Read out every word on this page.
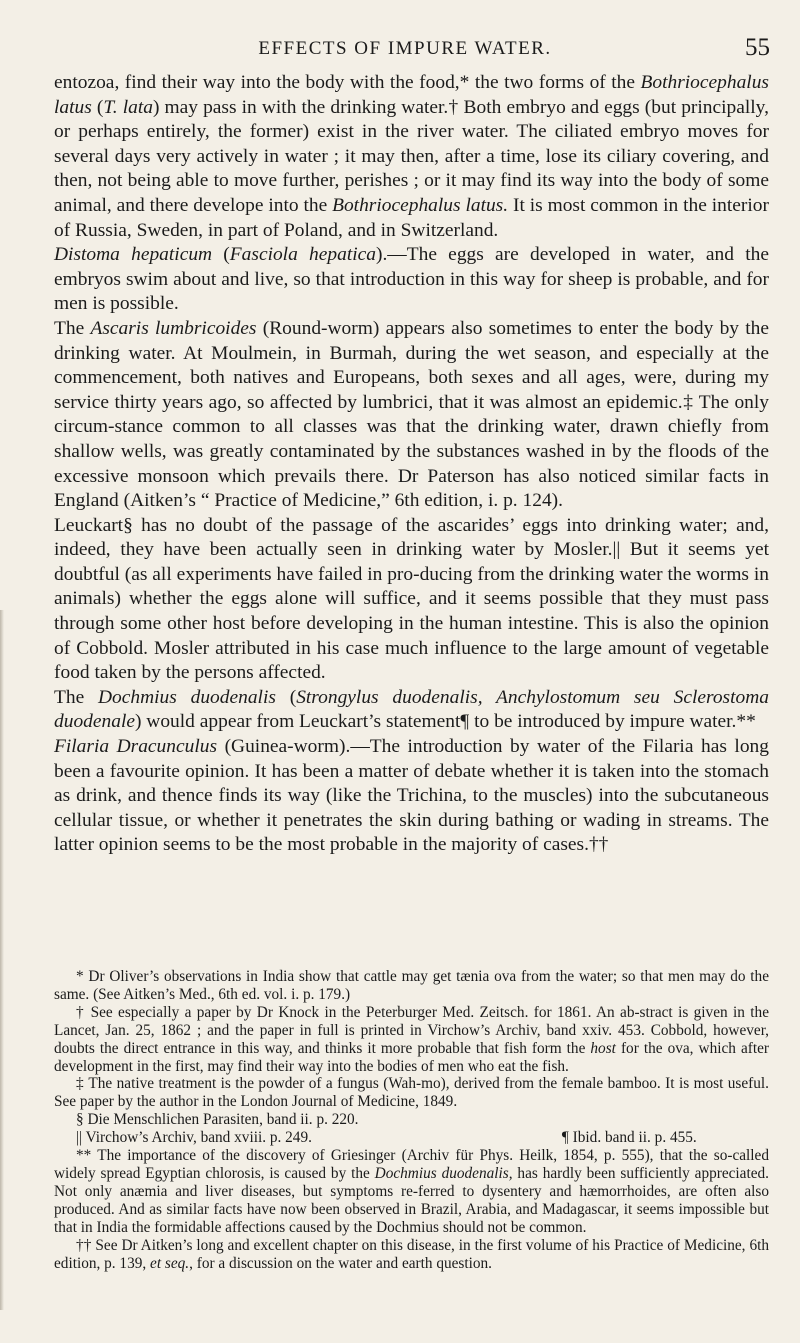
EFFECTS OF IMPURE WATER.	55

entozoa, find their way into the body with the food,* the two forms of the Bothriocephalus latus (T. lata) may pass in with the drinking water.† Both embryo and eggs (but principally, or perhaps entirely, the former) exist in the river water. The ciliated embryo moves for several days very actively in water ; it may then, after a time, lose its ciliary covering, and then, not being able to move further, perishes ; or it may find its way into the body of some animal, and there develope into the Bothriocephalus latus. It is most common in the interior of Russia, Sweden, in part of Poland, and in Switzerland.

Distoma hepaticum (Fasciola hepatica).—The eggs are developed in water, and the embryos swim about and live, so that introduction in this way for sheep is probable, and for men is possible.

The Ascaris lumbricoides (Round-worm) appears also sometimes to enter the body by the drinking water. At Moulmein, in Burmah, during the wet season, and especially at the commencement, both natives and Europeans, both sexes and all ages, were, during my service thirty years ago, so affected by lumbrici, that it was almost an epidemic.‡ The only circum-stance common to all classes was that the drinking water, drawn chiefly from shallow wells, was greatly contaminated by the substances washed in by the floods of the excessive monsoon which prevails there. Dr Paterson has also noticed similar facts in England (Aitken’s “ Practice of Medicine,” 6th edition, i. p. 124).

Leuckart§ has no doubt of the passage of the ascarides’ eggs into drinking water; and, indeed, they have been actually seen in drinking water by Mosler.|| But it seems yet doubtful (as all experiments have failed in pro-ducing from the drinking water the worms in animals) whether the eggs alone will suffice, and it seems possible that they must pass through some other host before developing in the human intestine. This is also the opinion of Cobbold. Mosler attributed in his case much influence to the large amount of vegetable food taken by the persons affected.

The Dochmius duodenalis (Strongylus duodenalis, Anchylostomum seu Sclerostoma duodenale) would appear from Leuckart’s statement¶ to be introduced by impure water.**

Filaria Dracunculus (Guinea-worm).—The introduction by water of the Filaria has long been a favourite opinion. It has been a matter of debate whether it is taken into the stomach as drink, and thence finds its way (like the Trichina, to the muscles) into the subcutaneous cellular tissue, or whether it penetrates the skin during bathing or wading in streams. The latter opinion seems to be the most probable in the majority of cases.††

* Dr Oliver’s observations in India show that cattle may get tænia ova from the water; so that men may do the same. (See Aitken’s Med., 6th ed. vol. i. p. 179.)

† See especially a paper by Dr Knock in the Peterburger Med. Zeitsch. for 1861. An ab-stract is given in the Lancet, Jan. 25, 1862 ; and the paper in full is printed in Virchow’s Archiv, band xxiv. 453. Cobbold, however, doubts the direct entrance in this way, and thinks it more probable that fish form the host for the ova, which after development in the first, may find their way into the bodies of men who eat the fish.

‡ The native treatment is the powder of a fungus (Wah-mo), derived from the female bamboo. It is most useful. See paper by the author in the London Journal of Medicine, 1849.

§ Die Menschlichen Parasiten, band ii. p. 220.

|| Virchow’s Archiv, band xviii. p. 249.	¶ Ibid. band ii. p. 455.

** The importance of the discovery of Griesinger (Archiv für Phys. Heilk, 1854, p. 555), that the so-called widely spread Egyptian chlorosis, is caused by the Dochmius duodenalis, has hardly been sufficiently appreciated. Not only anæmia and liver diseases, but symptoms re-ferred to dysentery and hæmorrhoides, are often also produced. And as similar facts have now been observed in Brazil, Arabia, and Madagascar, it seems impossible but that in India the formidable affections caused by the Dochmius should not be common.

†† See Dr Aitken’s long and excellent chapter on this disease, in the first volume of his Practice of Medicine, 6th edition, p. 139, et seq., for a discussion on the water and earth question.
